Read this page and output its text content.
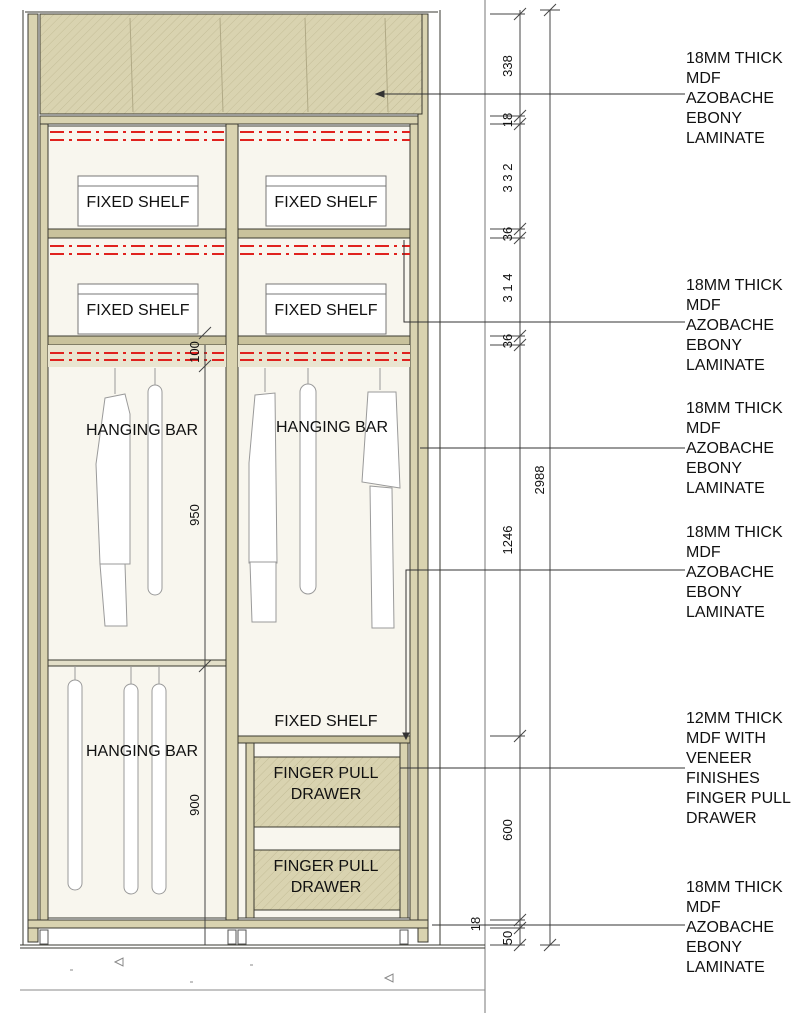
FIXED SHELF	FIXED SHELF
FIXED SHELF	FIXED SHELF
HANGING BAR	HANGING BAR
HANGING BAR
FIXED SHELF
FINGER PULL
DRAWER
FINGER PULL
DRAWER
338
18
3 3 2
36
3 1 4
36
100
950
1246
2988
900
600
18
50
18MM THICK
MDF
AZOBACHE
EBONY
LAMINATE
18MM THICK
MDF
AZOBACHE
EBONY
LAMINATE
18MM THICK
MDF
AZOBACHE
EBONY
LAMINATE
18MM THICK
MDF
AZOBACHE
EBONY
LAMINATE
12MM THICK
MDF WITH
VENEER
FINISHES
FINGER PULL
DRAWER
18MM THICK
MDF
AZOBACHE
EBONY
LAMINATE
